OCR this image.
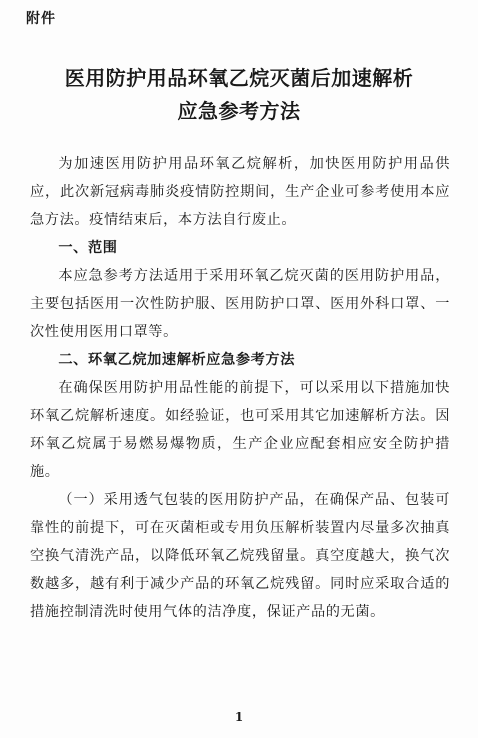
附件
医用防护用品环氧乙烷灭菌后加速解析
应急参考方法

为加速医用防护用品环氧乙烷解析，加快医用防护用品供应，此次新冠病毒肺炎疫情防控期间，生产企业可参考使用本应急方法。疫情结束后，本方法自行废止。

一、范围

本应急参考方法适用于采用环氧乙烷灭菌的医用防护用品，主要包括医用一次性防护服、医用防护口罩、医用外科口罩、一次性使用医用口罩等。

二、环氧乙烷加速解析应急参考方法

在确保医用防护用品性能的前提下，可以采用以下措施加快环氧乙烷解析速度。如经验证，也可采用其它加速解析方法。因环氧乙烷属于易燃易爆物质，生产企业应配套相应安全防护措施。

（一）采用透气包装的医用防护产品，在确保产品、包装可靠性的前提下，可在灭菌柜或专用负压解析装置内尽量多次抽真空换气清洗产品，以降低环氧乙烷残留量。真空度越大，换气次数越多，越有利于减少产品的环氧乙烷残留。同时应采取合适的措施控制清洗时使用气体的洁净度，保证产品的无菌。

1
